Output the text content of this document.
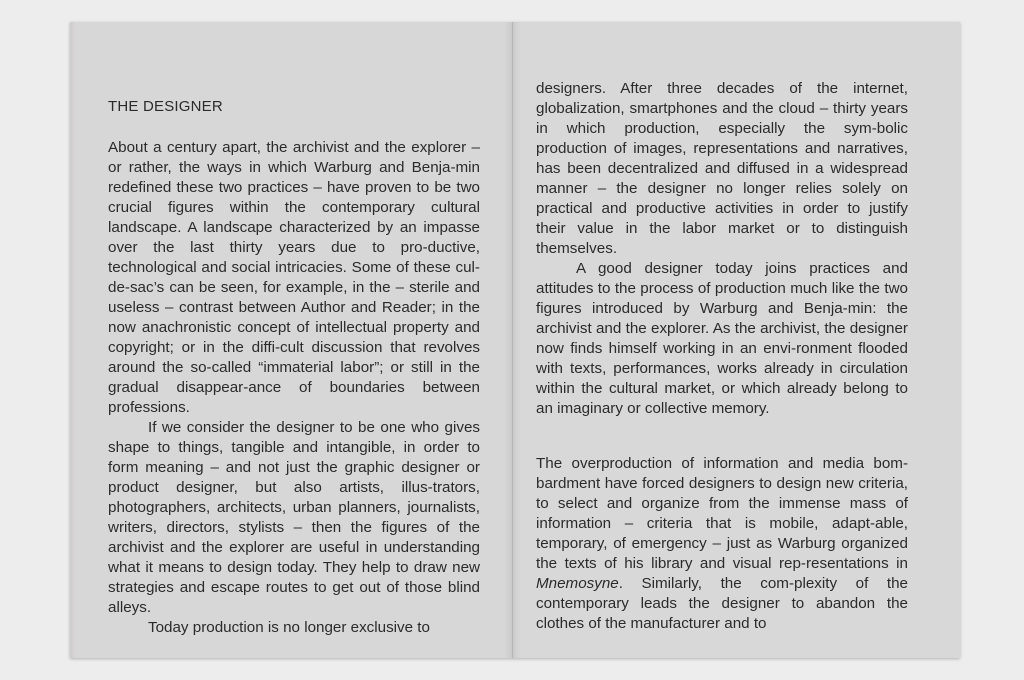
THE DESIGNER

About a century apart, the archivist and the explorer – or rather, the ways in which Warburg and Benja-min redefined these two practices – have proven to be two crucial figures within the contemporary cultural landscape. A landscape characterized by an impasse over the last thirty years due to pro-ductive, technological and social intricacies. Some of these cul-de-sac’s can be seen, for example, in the – sterile and useless – contrast between Author and Reader; in the now anachronistic concept of intellectual property and copyright; or in the diffi-cult discussion that revolves around the so-called “immaterial labor”; or still in the gradual disappear-ance of boundaries between professions.

If we consider the designer to be one who gives shape to things, tangible and intangible, in order to form meaning – and not just the graphic designer or product designer, but also artists, illus-trators, photographers, architects, urban planners, journalists, writers, directors, stylists – then the figures of the archivist and the explorer are useful in understanding what it means to design today. They help to draw new strategies and escape routes to get out of those blind alleys.

Today production is no longer exclusive to

designers. After three decades of the internet, globalization, smartphones and the cloud – thirty years in which production, especially the sym-bolic production of images, representations and narratives, has been decentralized and diffused in a widespread manner – the designer no longer relies solely on practical and productive activities in order to justify their value in the labor market or to distinguish themselves.

A good designer today joins practices and attitudes to the process of production much like the two figures introduced by Warburg and Benja-min: the archivist and the explorer. As the archivist, the designer now finds himself working in an envi-ronment flooded with texts, performances, works already in circulation within the cultural market, or which already belong to an imaginary or collective memory.

The overproduction of information and media bom-bardment have forced designers to design new criteria, to select and organize from the immense mass of information – criteria that is mobile, adapt-able, temporary, of emergency – just as Warburg organized the texts of his library and visual rep-resentations in Mnemosyne. Similarly, the com-plexity of the contemporary leads the designer to abandon the clothes of the manufacturer and to
